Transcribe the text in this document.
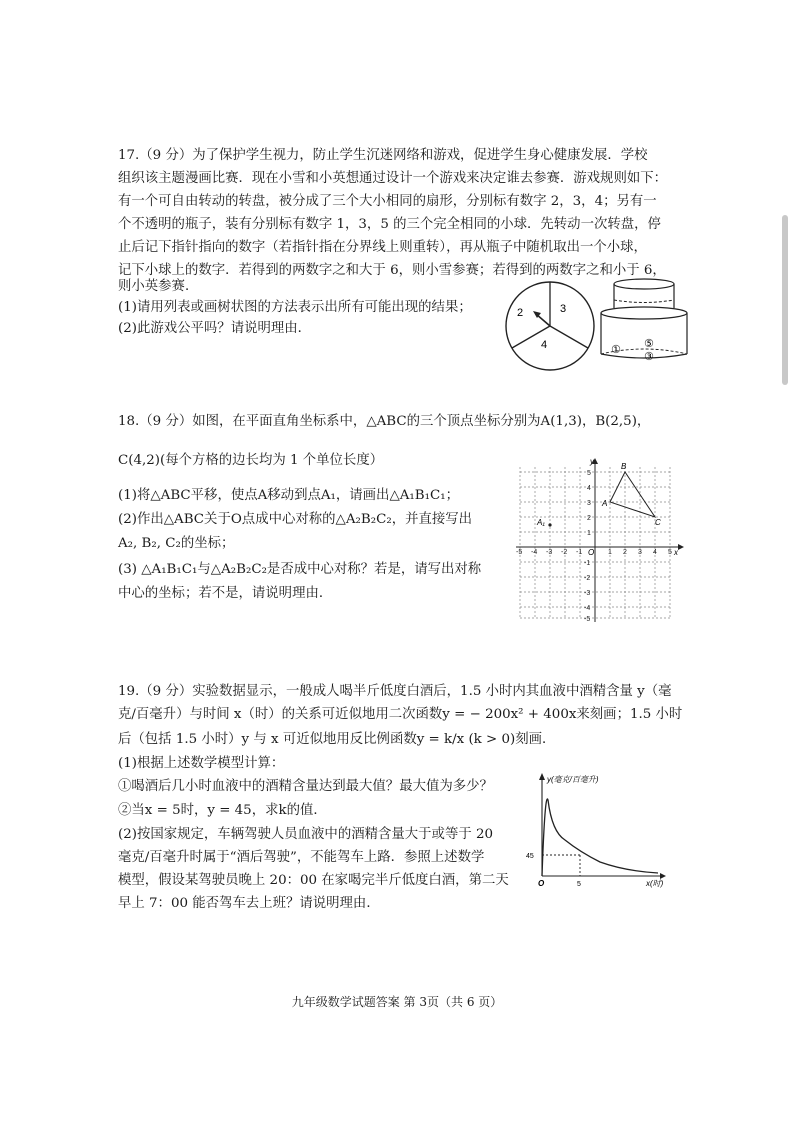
17.（9 分）为了保护学生视力，防止学生沉迷网络和游戏，促进学生身心健康发展．学校
组织该主题漫画比赛．现在小雪和小英想通过设计一个游戏来决定谁去参赛．游戏规则如下：
有一个可自由转动的转盘，被分成了三个大小相同的扇形，分别标有数字 2，3，4；另有一
个不透明的瓶子，装有分别标有数字 1，3，5 的三个完全相同的小球．先转动一次转盘，停
止后记下指针指向的数字（若指针指在分界线上则重转），再从瓶子中随机取出一个小球，
记下小球上的数字．若得到的两数字之和大于 6，则小雪参赛；若得到的两数字之和小于 6，
则小英参赛．
(1)请用列表或画树状图的方法表示出所有可能出现的结果；
(2)此游戏公平吗？请说明理由．
2	3
4	① ⑤
③
18.（9 分）如图，在平面直角坐标系中，△ABC的三个顶点坐标分别为A(1,3)，B(2,5)，
C(4,2)(每个方格的边长均为 1 个单位长度）
(1)将△ABC平移，使点A移动到点A₁，请画出△A₁B₁C₁；
(2)作出△ABC关于O点成中心对称的△A₂B₂C₂，并直接写出
A₂, B₂, C₂的坐标；
(3) △A₁B₁C₁与△A₂B₂C₂是否成中心对称？若是，请写出对称
中心的坐标；若不是，请说明理由．
-5 -4 -3 -2 -1	1 2 3 4 5
5
4
3
2
1
-1
-2
-3
-4
-5
O
y
x
A
B
C
A₁
19.（9 分）实验数据显示，一般成人喝半斤低度白酒后，1.5 小时内其血液中酒精含量 y（毫
克/百毫升）与时间 x（时）的关系可近似地用二次函数y = − 200x² + 400x来刻画；1.5 小时
后（包括 1.5 小时）y 与 x 可近似地用反比例函数y = k/x (k > 0)刻画．
(1)根据上述数学模型计算：
①喝酒后几小时血液中的酒精含量达到最大值？最大值为多少？
②当x = 5时，y = 45，求k的值．
(2)按国家规定，车辆驾驶人员血液中的酒精含量大于或等于 20
毫克/百毫升时属于“酒后驾驶”，不能驾车上路．参照上述数学
模型，假设某驾驶员晚上 20：00 在家喝完半斤低度白酒，第二天
早上 7：00 能否驾车去上班？请说明理由．
y(毫克/百毫升)
x(时)
O	5
45
九年级数学试题答案 第 3页（共 6 页）
